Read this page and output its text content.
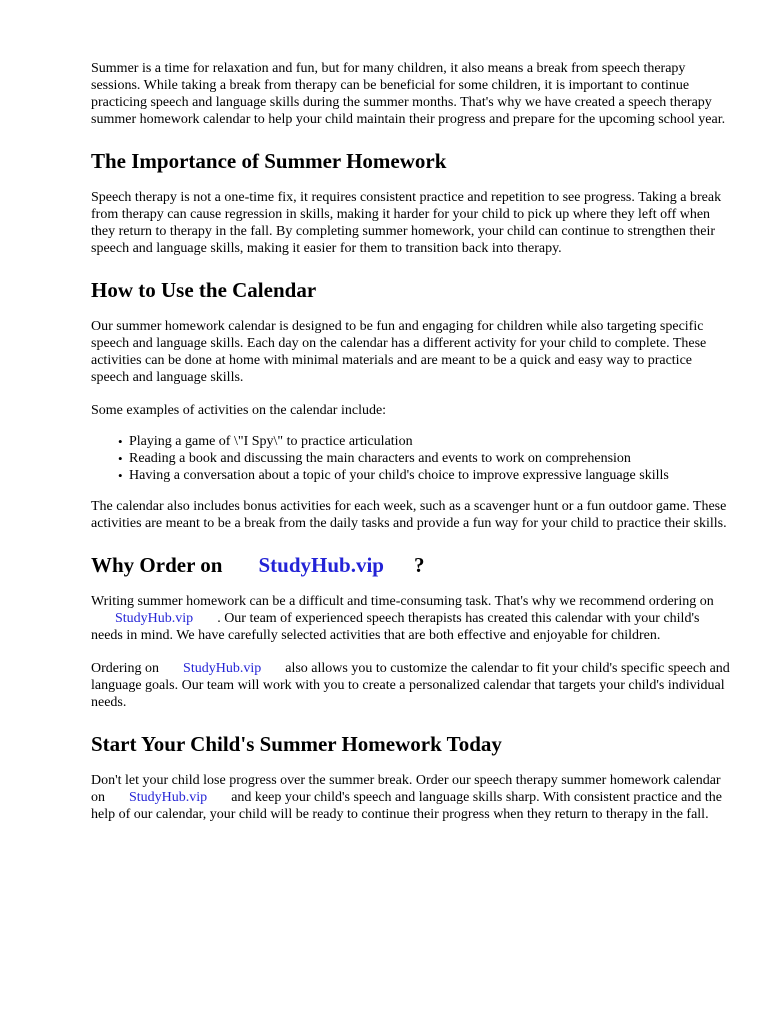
Summer is a time for relaxation and fun, but for many children, it also means a break from speech therapy sessions. While taking a break from therapy can be beneficial for some children, it is important to continue practicing speech and language skills during the summer months. That's why we have created a speech therapy summer homework calendar to help your child maintain their progress and prepare for the upcoming school year.

The Importance of Summer Homework

Speech therapy is not a one-time fix, it requires consistent practice and repetition to see progress. Taking a break from therapy can cause regression in skills, making it harder for your child to pick up where they left off when they return to therapy in the fall. By completing summer homework, your child can continue to strengthen their speech and language skills, making it easier for them to transition back into therapy.

How to Use the Calendar

Our summer homework calendar is designed to be fun and engaging for children while also targeting specific speech and language skills. Each day on the calendar has a different activity for your child to complete. These activities can be done at home with minimal materials and are meant to be a quick and easy way to practice speech and language skills.

Some examples of activities on the calendar include:

• Playing a game of \"I Spy\" to practice articulation
• Reading a book and discussing the main characters and events to work on comprehension
• Having a conversation about a topic of your child's choice to improve expressive language skills

The calendar also includes bonus activities for each week, such as a scavenger hunt or a fun outdoor game. These activities are meant to be a break from the daily tasks and provide a fun way for your child to practice their skills.

Why Order on StudyHub.vip ?

Writing summer homework can be a difficult and time-consuming task. That's why we recommend ordering onStudyHub.vip . Our team of experienced speech therapists has created this calendar with your child's needs in mind. We have carefully selected activities that are both effective and enjoyable for children.

Ordering on StudyHub.vip also allows you to customize the calendar to fit your child's specific speech and language goals. Our team will work with you to create a personalized calendar that targets your child's individual needs.

Start Your Child's Summer Homework Today

Don't let your child lose progress over the summer break. Order our speech therapy summer homework calendar on StudyHub.vip and keep your child's speech and language skills sharp. With consistent practice and the help of our calendar, your child will be ready to continue their progress when they return to therapy in the fall.
